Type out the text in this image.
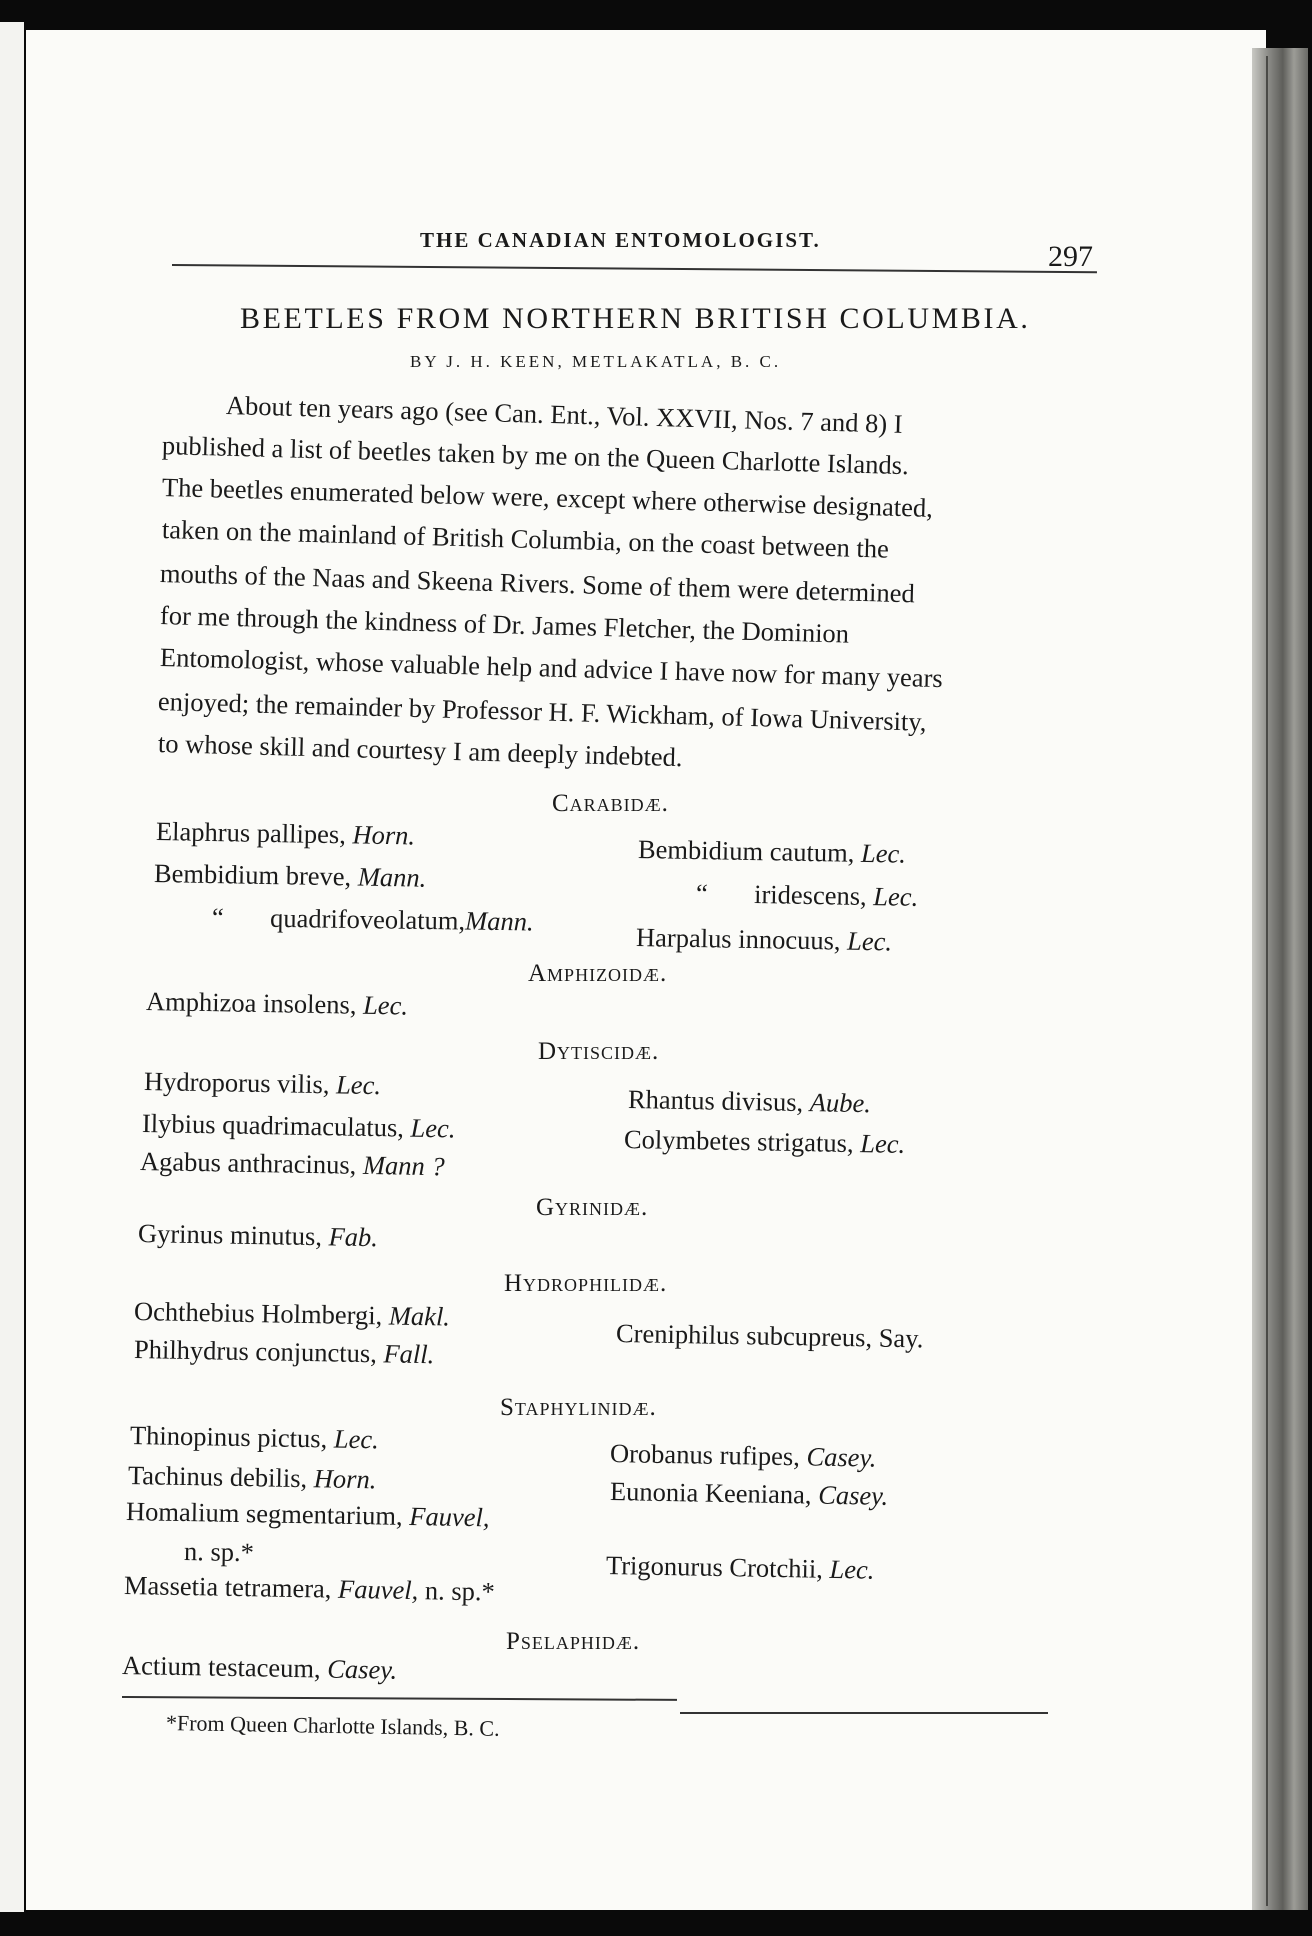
THE CANADIAN ENTOMOLOGIST.	297
BEETLES FROM NORTHERN BRITISH COLUMBIA.
BY J. H. KEEN, METLAKATLA, B. C.
About ten years ago (see Can. Ent., Vol. XXVII, Nos. 7 and 8) I
published a list of beetles taken by me on the Queen Charlotte Islands.
The beetles enumerated below were, except where otherwise designated,
taken on the mainland of British Columbia, on the coast between the
mouths of the Naas and Skeena Rivers. Some of them were determined
for me through the kindness of Dr. James Fletcher, the Dominion
Entomologist, whose valuable help and advice I have now for many years
enjoyed; the remainder by Professor H. F. Wickham, of Iowa University,
to whose skill and courtesy I am deeply indebted.
Carabidæ.
Elaphrus pallipes, Horn.
Bembidium breve, Mann.
“       quadrifoveolatum,Mann.
Bembidium cautum, Lec.
“       iridescens, Lec.
Harpalus innocuus, Lec.
Amphizoidæ.
Amphizoa insolens, Lec.
Dytiscidæ.
Hydroporus vilis, Lec.
Ilybius quadrimaculatus, Lec.
Agabus anthracinus, Mann ?
Rhantus divisus, Aube.
Colymbetes strigatus, Lec.
Gyrinidæ.
Gyrinus minutus, Fab.
Hydrophilidæ.
Ochthebius Holmbergi, Makl.
Philhydrus conjunctus, Fall.
Creniphilus subcupreus, Say.
Staphylinidæ.
Thinopinus pictus, Lec.
Tachinus debilis, Horn.
Homalium segmentarium, Fauvel,
n. sp.*
Massetia tetramera, Fauvel, n. sp.*
Orobanus rufipes, Casey.
Eunonia Keeniana, Casey.
Trigonurus Crotchii, Lec.
Pselaphidæ.
Actium testaceum, Casey.
*From Queen Charlotte Islands, B. C.
